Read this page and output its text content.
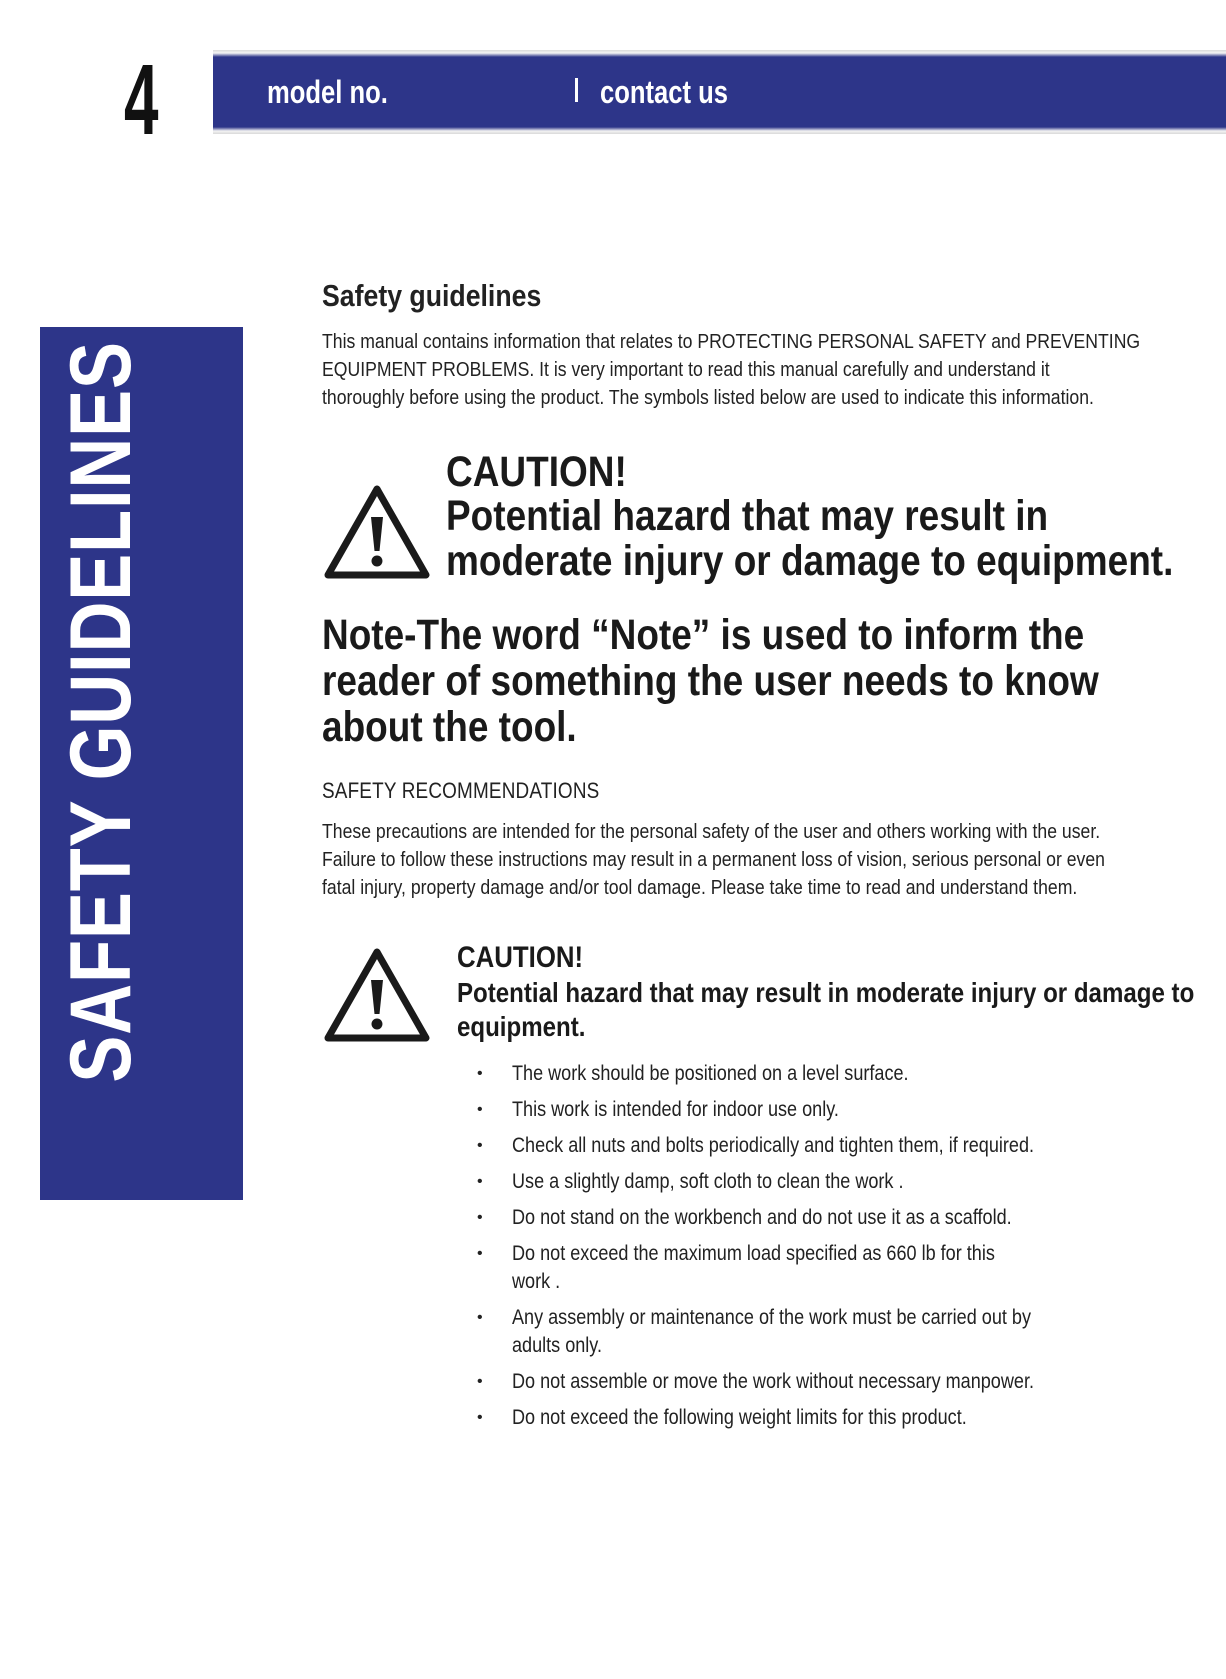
4	model no.	contact us
SAFETY GUIDELINES
Safety guidelines
This manual contains information that relates to PROTECTING PERSONAL SAFETY and PREVENTING
EQUIPMENT PROBLEMS. It is very important to read this manual carefully and understand it
thoroughly before using the product. The symbols listed below are used to indicate this information.
CAUTION!
Potential hazard that may result in
moderate injury or damage to equipment.
Note-The word “Note” is used to inform the
reader of something the user needs to know
about the tool.
SAFETY RECOMMENDATIONS
These precautions are intended for the personal safety of the user and others working with the user.
Failure to follow these instructions may result in a permanent loss of vision, serious personal or even
fatal injury, property damage and/or tool damage. Please take time to read and understand them.
CAUTION!
Potential hazard that may result in moderate injury or damage to
equipment.
• The work should be positioned on a level surface.
• This work is intended for indoor use only.
• Check all nuts and bolts periodically and tighten them, if required.
• Use a slightly damp, soft cloth to clean the work .
• Do not stand on the workbench and do not use it as a scaffold.
• Do not exceed the maximum load specified as 660 lb for this
work .
• Any assembly or maintenance of the work must be carried out by
adults only.
• Do not assemble or move the work without necessary manpower.
• Do not exceed the following weight limits for this product.
